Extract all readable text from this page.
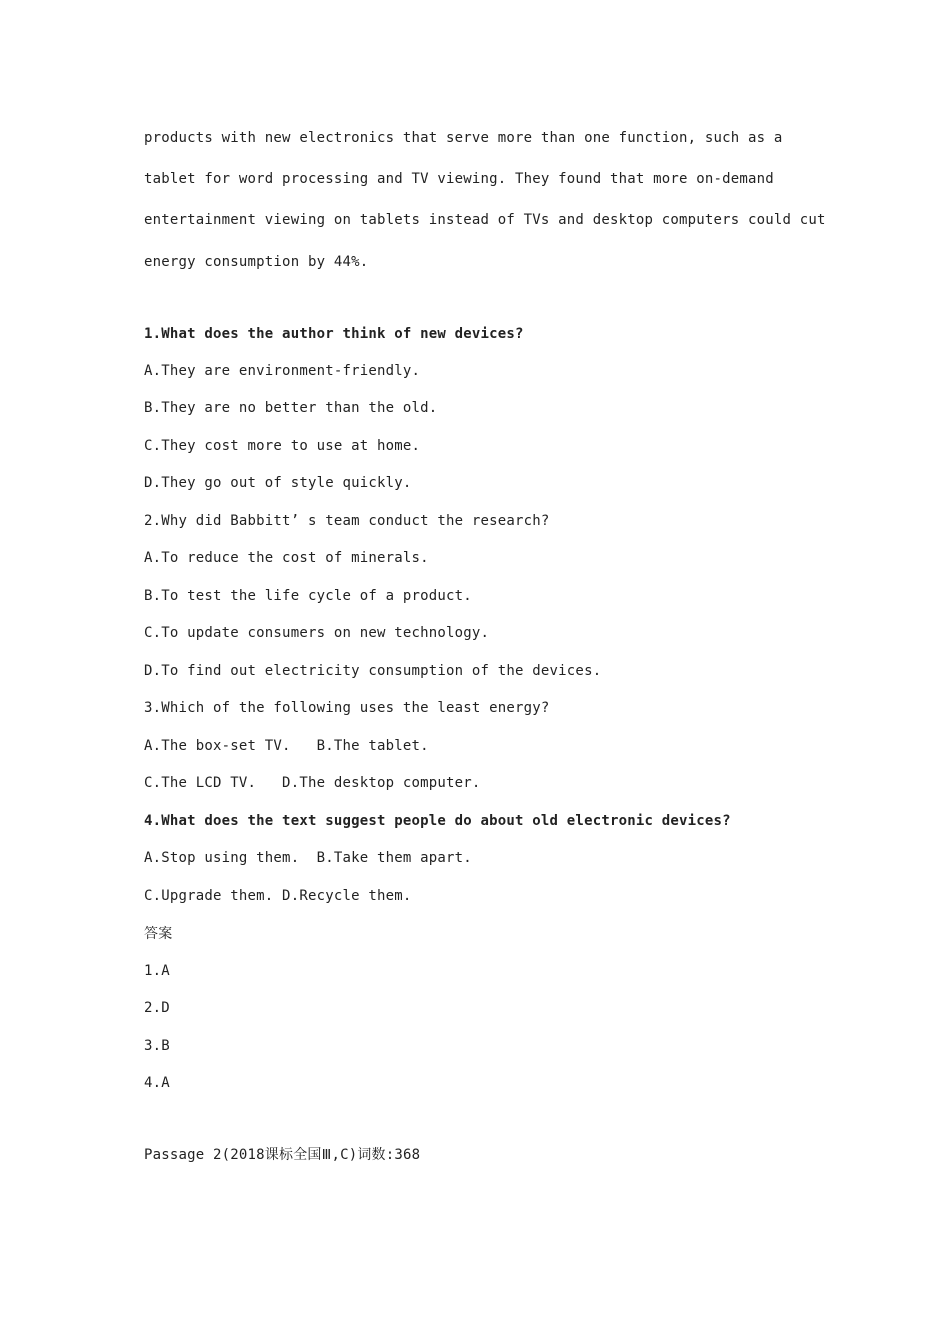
products with new electronics that serve more than one function, such as a
tablet for word processing and TV viewing. They found that more on-demand
entertainment viewing on tablets instead of TVs and desktop computers could cut
energy consumption by 44%.
1.What does the author think of new devices?
A.They are environment-friendly.
B.They are no better than the old.
C.They cost more to use at home.
D.They go out of style quickly.
2.Why did Babbitt’ s team conduct the research?
A.To reduce the cost of minerals.
B.To test the life cycle of a product.
C.To update consumers on new technology.
D.To find out electricity consumption of the devices.
3.Which of the following uses the least energy?
A.The box-set TV.   B.The tablet.
C.The LCD TV.   D.The desktop computer.
4.What does the text suggest people do about old electronic devices?
A.Stop using them.  B.Take them apart.
C.Upgrade them. D.Recycle them.
答案
1.A
2.D
3.B
4.A
Passage 2(2018课标全国Ⅲ,C)词数:368
